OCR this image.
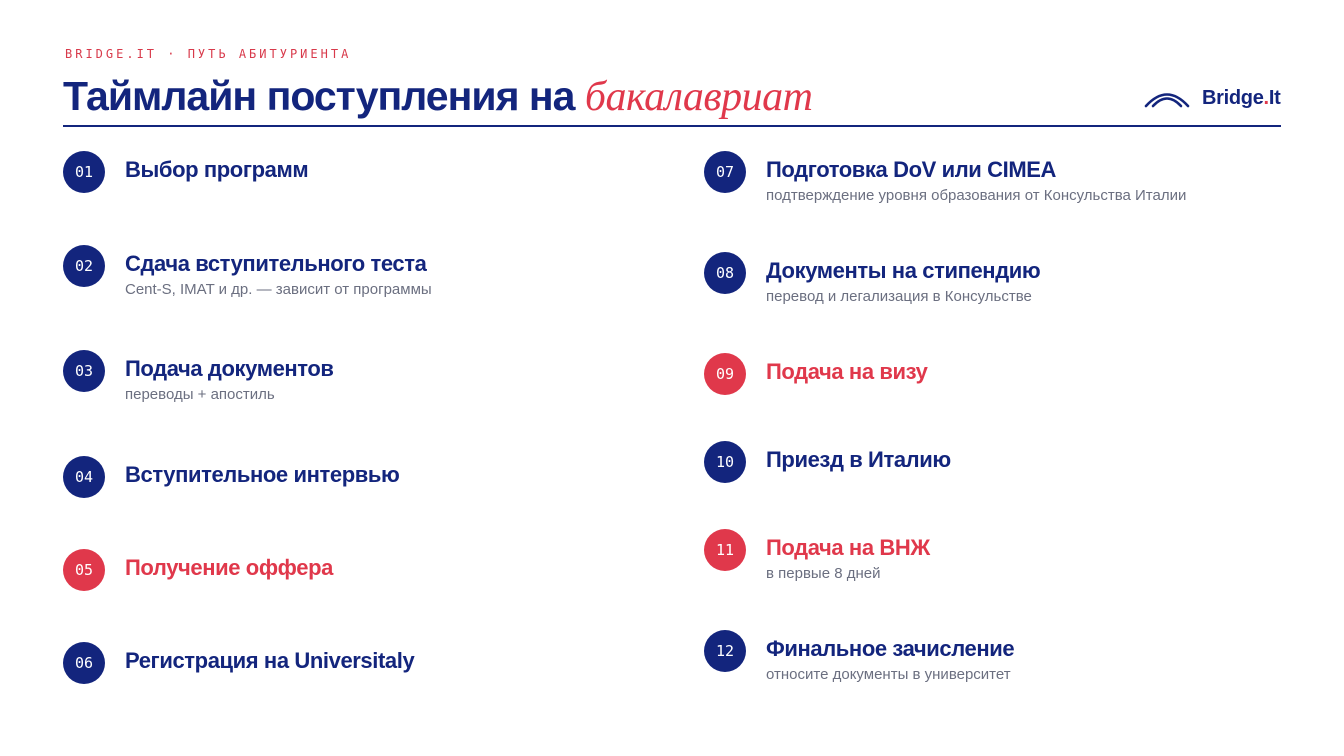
BRIDGE.IT · ПУТЬ АБИТУРИЕНТА
Таймлайн поступления на бакалавриат	Bridge.It
01	Выбор программ
02	Сдача вступительного теста
Cent-S, IMAT и др. — зависит от программы
03	Подача документов
переводы + апостиль
04	Вступительное интервью
05	Получение оффера
06	Регистрация на Universitaly
07	Подготовка DoV или CIMEA
подтверждение уровня образования от Консульства Италии
08	Документы на стипендию
перевод и легализация в Консульстве
09	Подача на визу
10	Приезд в Италию
11	Подача на ВНЖ
в первые 8 дней
12	Финальное зачисление
относите документы в университет
